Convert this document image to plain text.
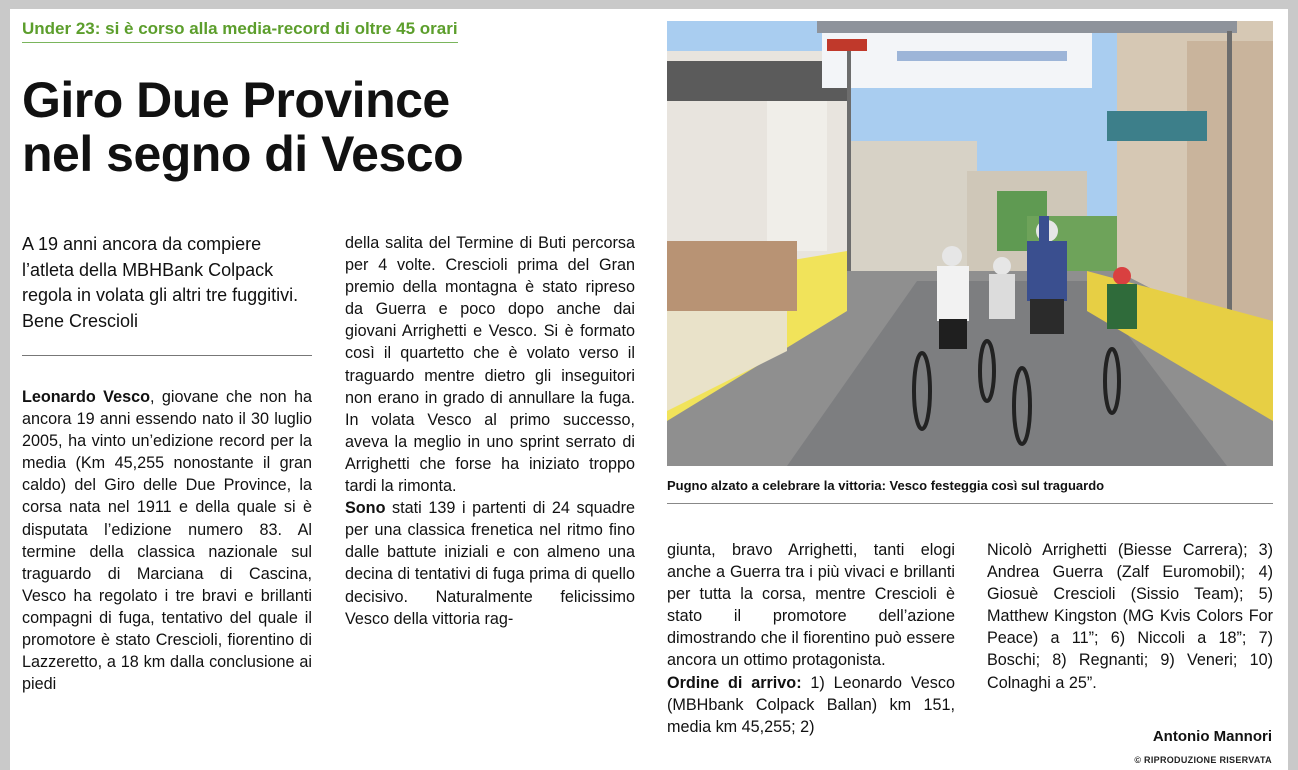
Under 23: si è corso alla media-record di oltre 45 orari
Giro Due Province
nel segno di Vesco
A 19 anni ancora da compiere l’atleta della MBHBank Colpack regola in volata gli altri tre fuggitivi. Bene Crescioli

Leonardo Vesco, giovane che non ha ancora 19 anni essendo nato il 30 luglio 2005, ha vinto un’edizione record per la media (Km 45,255 nonostante il gran caldo) del Giro delle Due Province, la corsa nata nel 1911 e della quale si è disputata l’edizione numero 83. Al termine della classica nazionale sul traguardo di Marciana di Cascina, Vesco ha regolato i tre bravi e brillanti compagni di fuga, tentativo del quale il promotore è stato Crescioli, fiorentino di Lazzeretto, a 18 km dalla conclusione ai piedi

della salita del Termine di Buti percorsa per 4 volte. Crescioli prima del Gran premio della montagna è stato ripreso da Guerra e poco dopo anche dai giovani Arrighetti e Vesco. Si è formato così il quartetto che è volato verso il traguardo mentre dietro gli inseguitori non erano in grado di annullare la fuga. In volata Vesco al primo successo, aveva la meglio in uno sprint serrato di Arrighetti che forse ha iniziato troppo tardi la rimonta.

Sono stati 139 i partenti di 24 squadre per una classica frenetica nel ritmo fino dalle battute iniziali e con almeno una decina di tentativi di fuga prima di quello decisivo. Naturalmente felicissimo Vesco della vittoria rag-

Pugno alzato a celebrare la vittoria: Vesco festeggia così sul traguardo

giunta, bravo Arrighetti, tanti elogi anche a Guerra tra i più vivaci e brillanti per tutta la corsa, mentre Crescioli è stato il promotore dell’azione dimostrando che il fiorentino può essere ancora un ottimo protagonista.

Ordine di arrivo: 1) Leonardo Vesco (MBHbank Colpack Ballan) km 151, media km 45,255; 2)

Nicolò Arrighetti (Biesse Carrera); 3) Andrea Guerra (Zalf Euromobil); 4) Giosuè Crescioli (Sissio Team); 5) Matthew Kingston (MG Kvis Colors For Peace) a 11”; 6) Niccoli a 18”; 7) Boschi; 8) Regnanti; 9) Veneri; 10) Colnaghi a 25”.

Antonio Mannori
© RIPRODUZIONE RISERVATA
